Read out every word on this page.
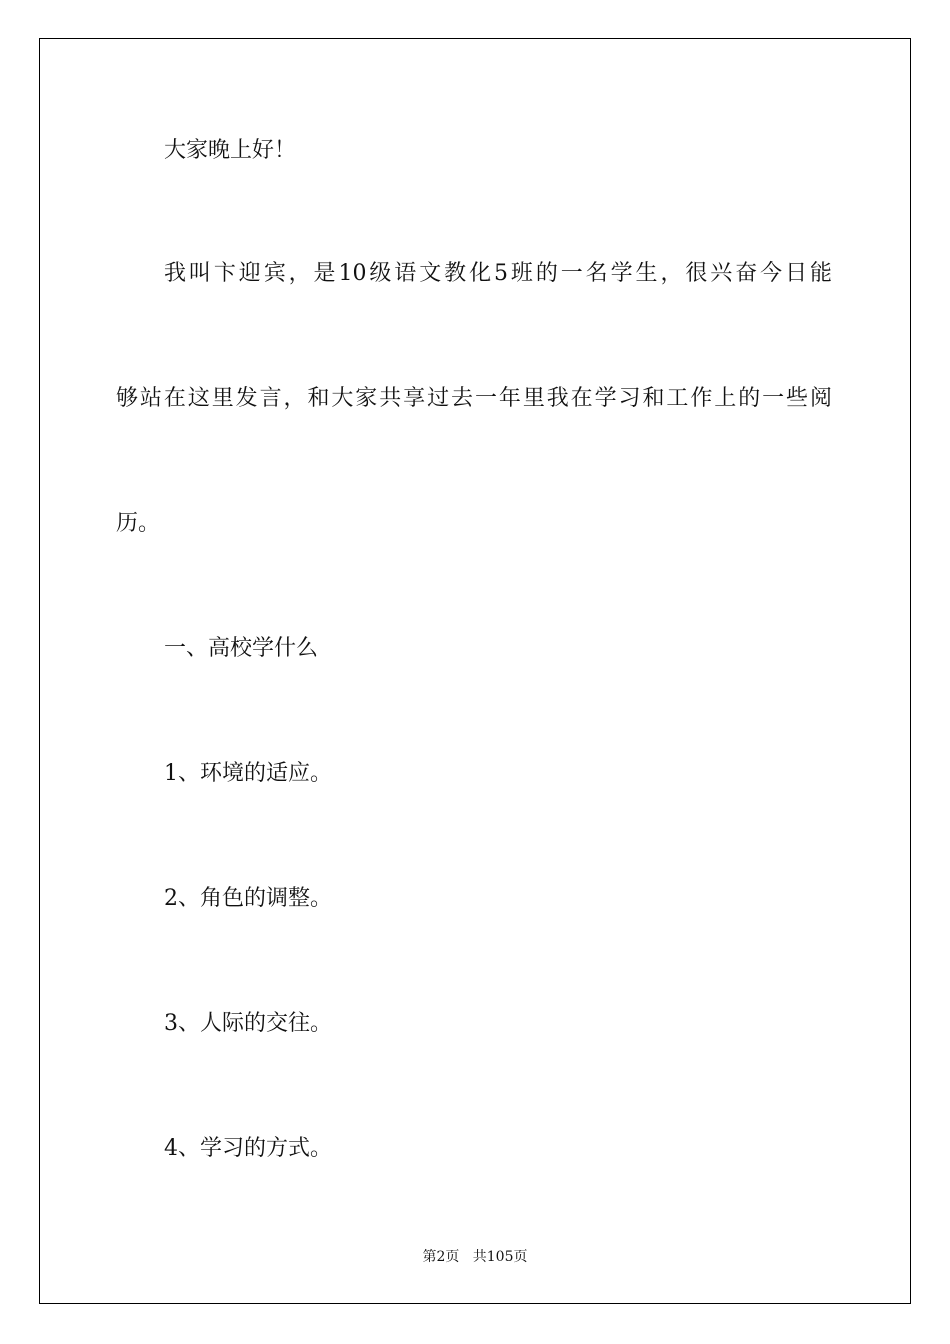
大家晚上好！

我叫卞迎宾，是10级语文教化5班的一名学生，很兴奋今日能

够站在这里发言，和大家共享过去一年里我在学习和工作上的一些阅

历。

一、高校学什么

1、环境的适应。

2、角色的调整。

3、人际的交往。

4、学习的方式。

第2页 共105页
